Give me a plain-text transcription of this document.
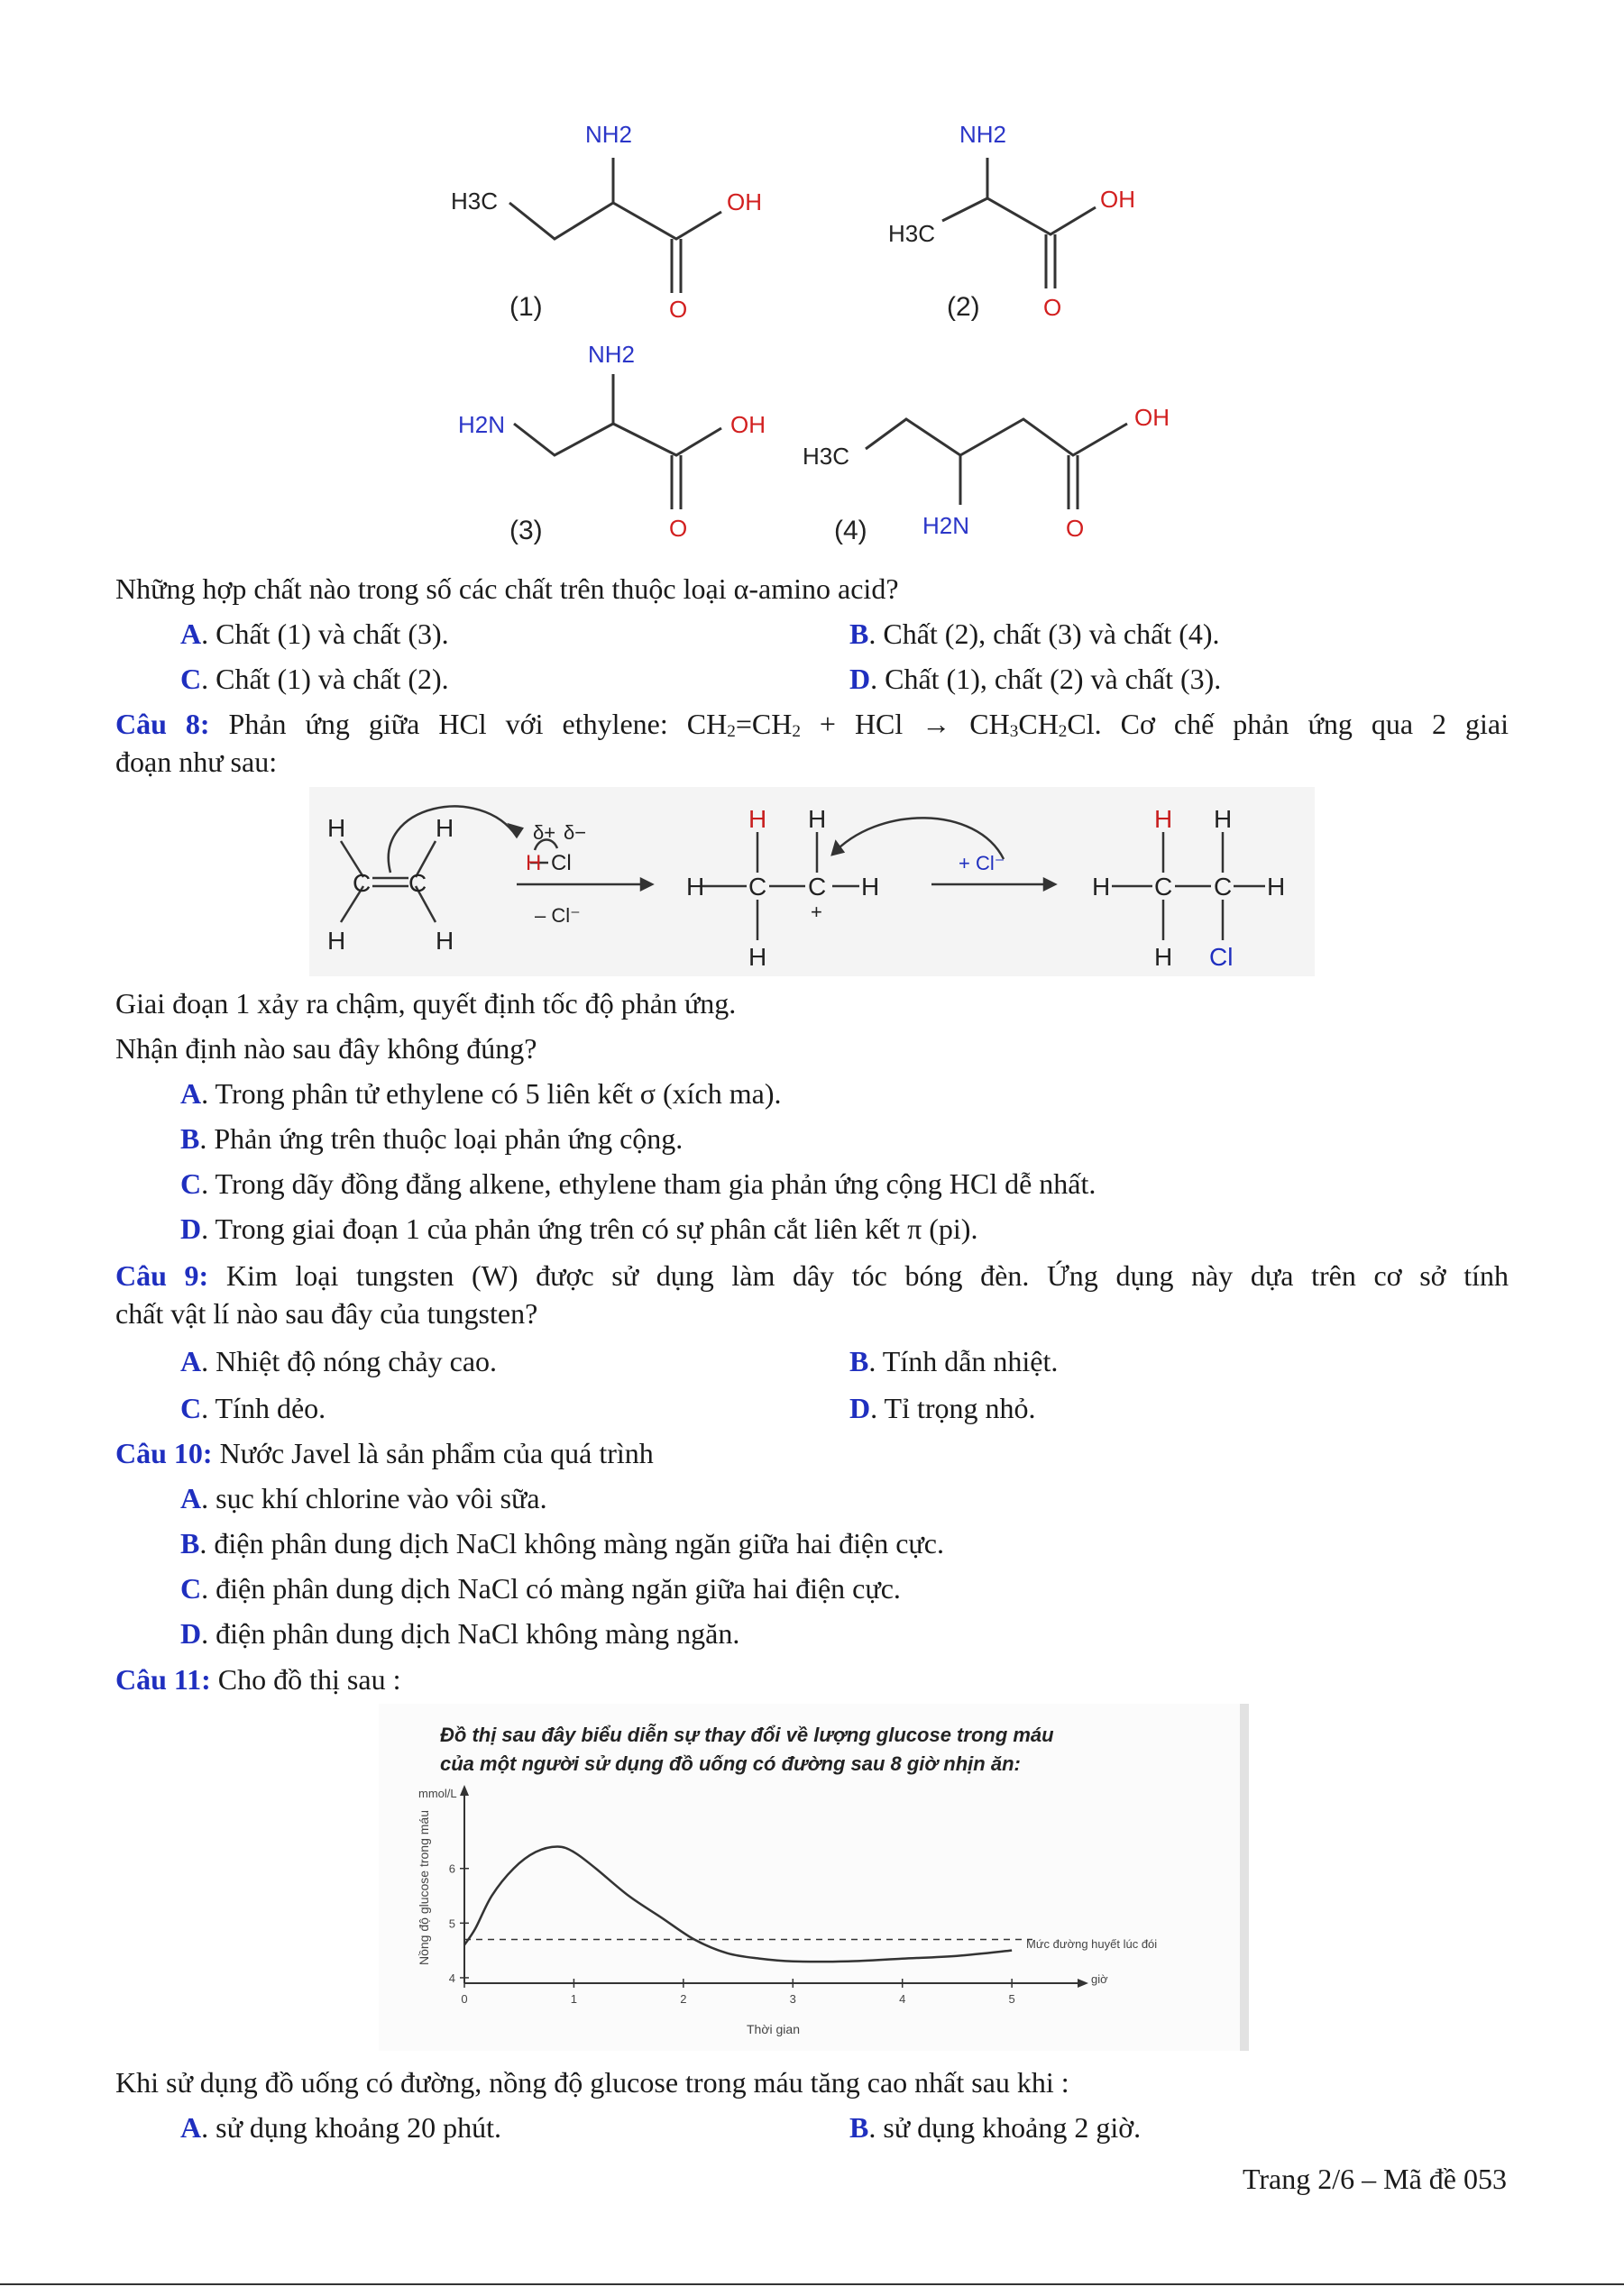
NH2
H3C	OH
O
(1)
NH2
H3C
OH
O
(2)
NH2
H2N	OH
O
(3)
H3C
OH
O
H2N
(4)
Những hợp chất nào trong số các chất trên thuộc loại α-amino acid?
A. Chất (1) và chất (3).	B. Chất (2), chất (3) và chất (4).
C. Chất (1) và chất (2).	D. Chất (1), chất (2) và chất (3).
Câu 8: Phản ứng giữa HCl với ethylene: $CH_2=CH_2$ + HCl → $CH_3CH_2Cl$. Cơ chế phản ứng qua 2 giai
đoạn như sau:
H
H
H
H
C C
δ+ δ−
H Cl
– Cl⁻
H C C H
H H
H
+
+ Cl⁻
H C C H
H H
H Cl
Giai đoạn 1 xảy ra chậm, quyết định tốc độ phản ứng.
Nhận định nào sau đây không đúng?
A. Trong phân tử ethylene có 5 liên kết σ (xích ma).
B. Phản ứng trên thuộc loại phản ứng cộng.
C. Trong dãy đồng đẳng alkene, ethylene tham gia phản ứng cộng HCl dễ nhất.
D. Trong giai đoạn 1 của phản ứng trên có sự phân cắt liên kết π (pi).
Câu 9: Kim loại tungsten (W) được sử dụng làm dây tóc bóng đèn. Ứng dụng này dựa trên cơ sở tính
chất vật lí nào sau đây của tungsten?
A. Nhiệt độ nóng chảy cao.	B. Tính dẫn nhiệt.
C. Tính dẻo.	D. Tỉ trọng nhỏ.
Câu 10: Nước Javel là sản phẩm của quá trình
A. sục khí chlorine vào vôi sữa.
B. điện phân dung dịch NaCl không màng ngăn giữa hai điện cực.
C. điện phân dung dịch NaCl có màng ngăn giữa hai điện cực.
D. điện phân dung dịch NaCl không màng ngăn.
Câu 11: Cho đồ thị sau :
Đồ thị sau đây biểu diễn sự thay đổi về lượng glucose trong máu
của một người sử dụng đồ uống có đường sau 8 giờ nhịn ăn:
mmol/L
Nồng độ glucose trong máu
Thời gian
giờ
Mức đường huyết lúc đói
0	1	2	3	4	5
4
5
6
Khi sử dụng đồ uống có đường, nồng độ glucose trong máu tăng cao nhất sau khi :
A. sử dụng khoảng 20 phút.	B. sử dụng khoảng 2 giờ.
Trang 2/6 – Mã đề 053
